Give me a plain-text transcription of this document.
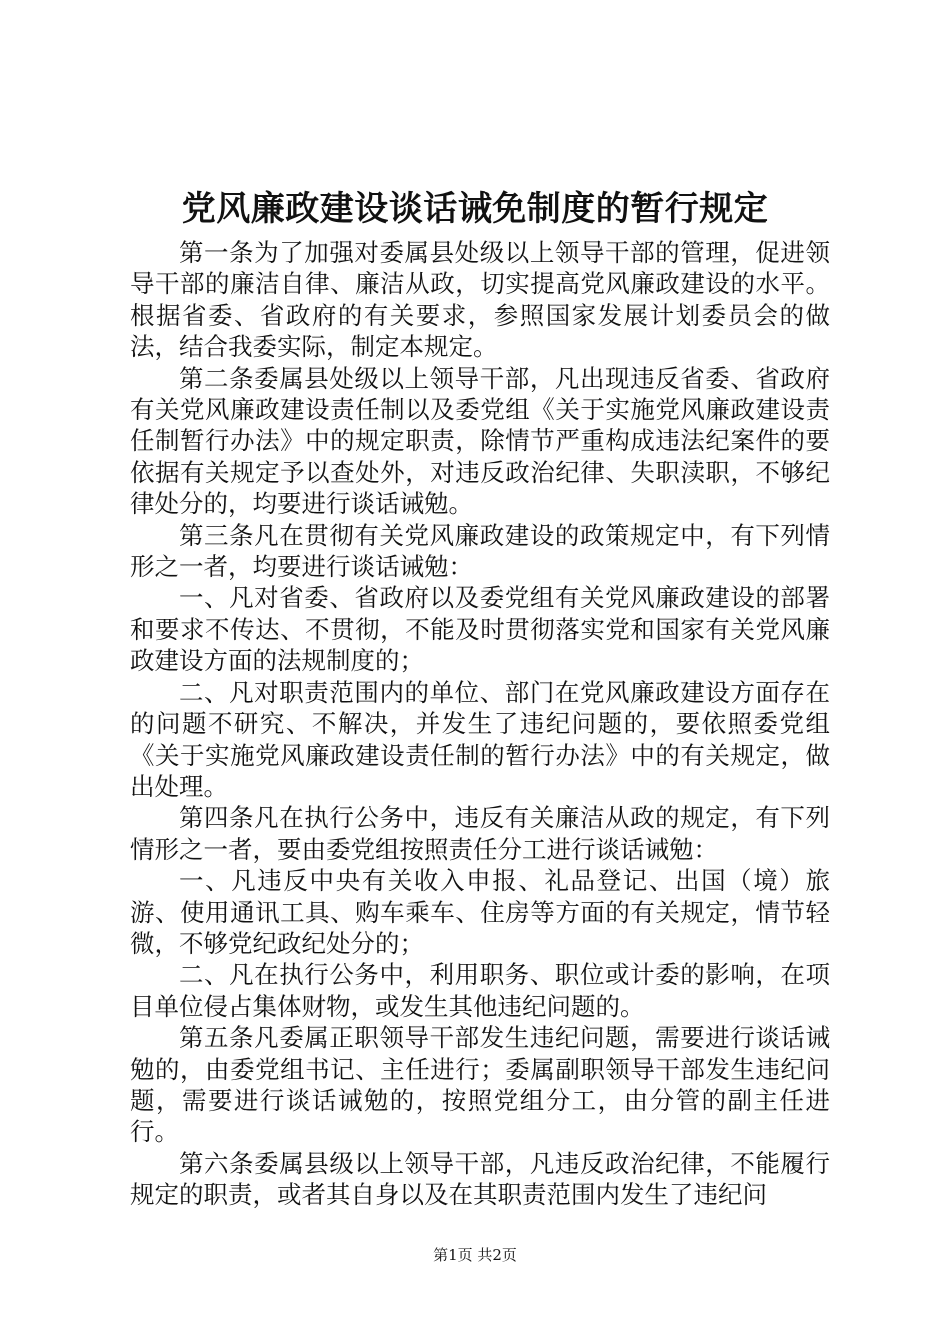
党风廉政建设谈话诫免制度的暂行规定

第一条为了加强对委属县处级以上领导干部的管理，促进领导干部的廉洁自律、廉洁从政，切实提高党风廉政建设的水平。根据省委、省政府的有关要求，参照国家发展计划委员会的做法，结合我委实际，制定本规定。

第二条委属县处级以上领导干部，凡出现违反省委、省政府有关党风廉政建设责任制以及委党组《关于实施党风廉政建设责任制暂行办法》中的规定职责，除情节严重构成违法纪案件的要依据有关规定予以查处外，对违反政治纪律、失职渎职，不够纪律处分的，均要进行谈话诫勉。

第三条凡在贯彻有关党风廉政建设的政策规定中，有下列情形之一者，均要进行谈话诫勉：

一、凡对省委、省政府以及委党组有关党风廉政建设的部署和要求不传达、不贯彻，不能及时贯彻落实党和国家有关党风廉政建设方面的法规制度的；

二、凡对职责范围内的单位、部门在党风廉政建设方面存在的问题不研究、不解决，并发生了违纪问题的，要依照委党组《关于实施党风廉政建设责任制的暂行办法》中的有关规定，做出处理。

第四条凡在执行公务中，违反有关廉洁从政的规定，有下列情形之一者，要由委党组按照责任分工进行谈话诫勉：

一、凡违反中央有关收入申报、礼品登记、出国（境）旅游、使用通讯工具、购车乘车、住房等方面的有关规定，情节轻微，不够党纪政纪处分的；

二、凡在执行公务中，利用职务、职位或计委的影响，在项目单位侵占集体财物，或发生其他违纪问题的。

第五条凡委属正职领导干部发生违纪问题，需要进行谈话诫勉的，由委党组书记、主任进行；委属副职领导干部发生违纪问题，需要进行谈话诫勉的，按照党组分工，由分管的副主任进行。

第六条委属县级以上领导干部，凡违反政治纪律，不能履行规定的职责，或者其自身以及在其职责范围内发生了违纪问

第1页 共2页
